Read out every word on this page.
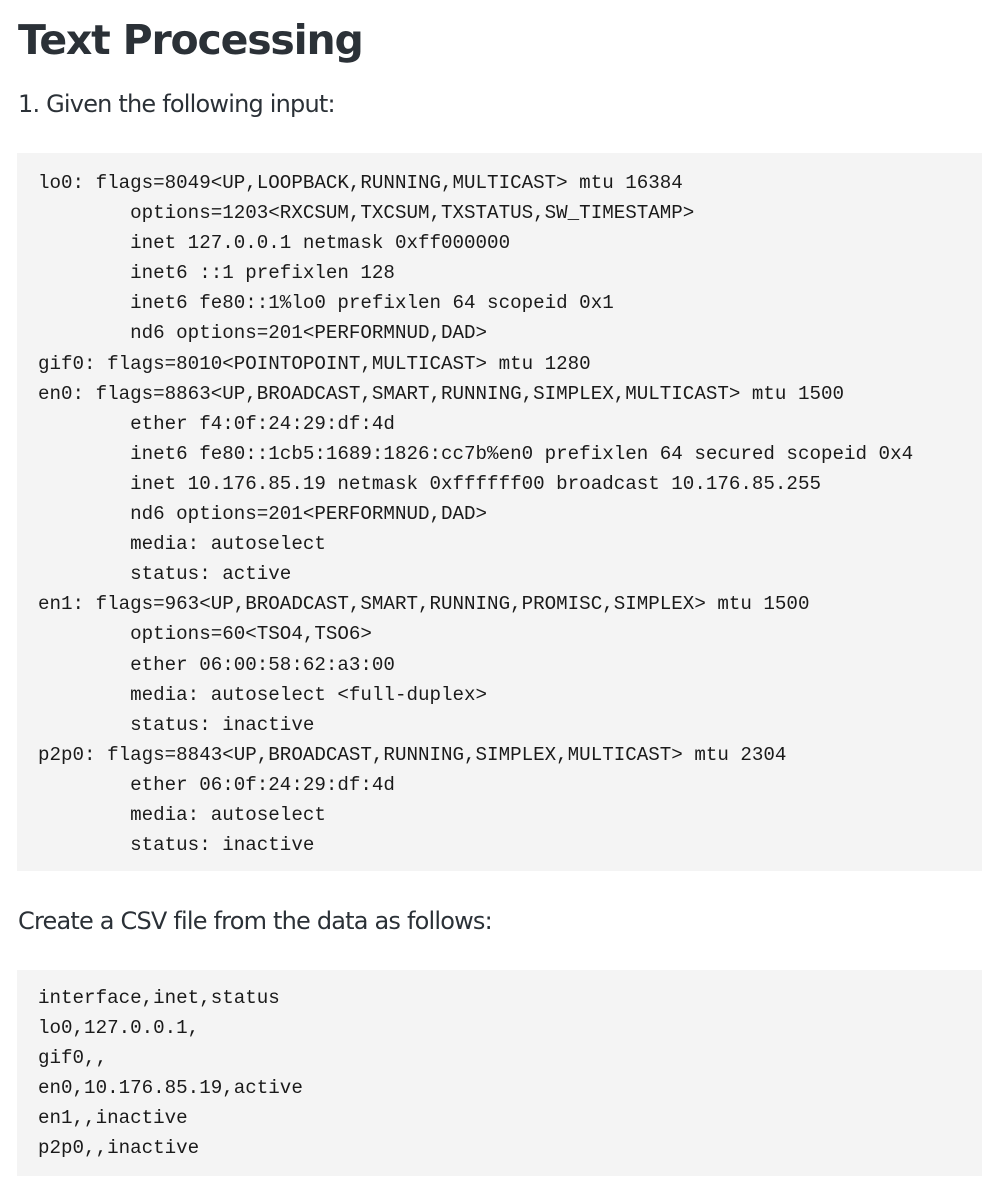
Text Processing

1. Given the following input:

lo0: flags=8049<UP,LOOPBACK,RUNNING,MULTICAST> mtu 16384
options=1203<RXCSUM,TXCSUM,TXSTATUS,SW_TIMESTAMP>
inet 127.0.0.1 netmask 0xff000000
inet6 ::1 prefixlen 128
inet6 fe80::1%lo0 prefixlen 64 scopeid 0x1
nd6 options=201<PERFORMNUD,DAD>
gif0: flags=8010<POINTOPOINT,MULTICAST> mtu 1280
en0: flags=8863<UP,BROADCAST,SMART,RUNNING,SIMPLEX,MULTICAST> mtu 1500
ether f4:0f:24:29:df:4d
inet6 fe80::1cb5:1689:1826:cc7b%en0 prefixlen 64 secured scopeid 0x4
inet 10.176.85.19 netmask 0xffffff00 broadcast 10.176.85.255
nd6 options=201<PERFORMNUD,DAD>
media: autoselect
status: active
en1: flags=963<UP,BROADCAST,SMART,RUNNING,PROMISC,SIMPLEX> mtu 1500
options=60<TSO4,TSO6>
ether 06:00:58:62:a3:00
media: autoselect <full-duplex>
status: inactive
p2p0: flags=8843<UP,BROADCAST,RUNNING,SIMPLEX,MULTICAST> mtu 2304
ether 06:0f:24:29:df:4d
media: autoselect
status: inactive

Create a CSV file from the data as follows:

interface,inet,status
lo0,127.0.0.1,
gif0,,
en0,10.176.85.19,active
en1,,inactive
p2p0,,inactive
